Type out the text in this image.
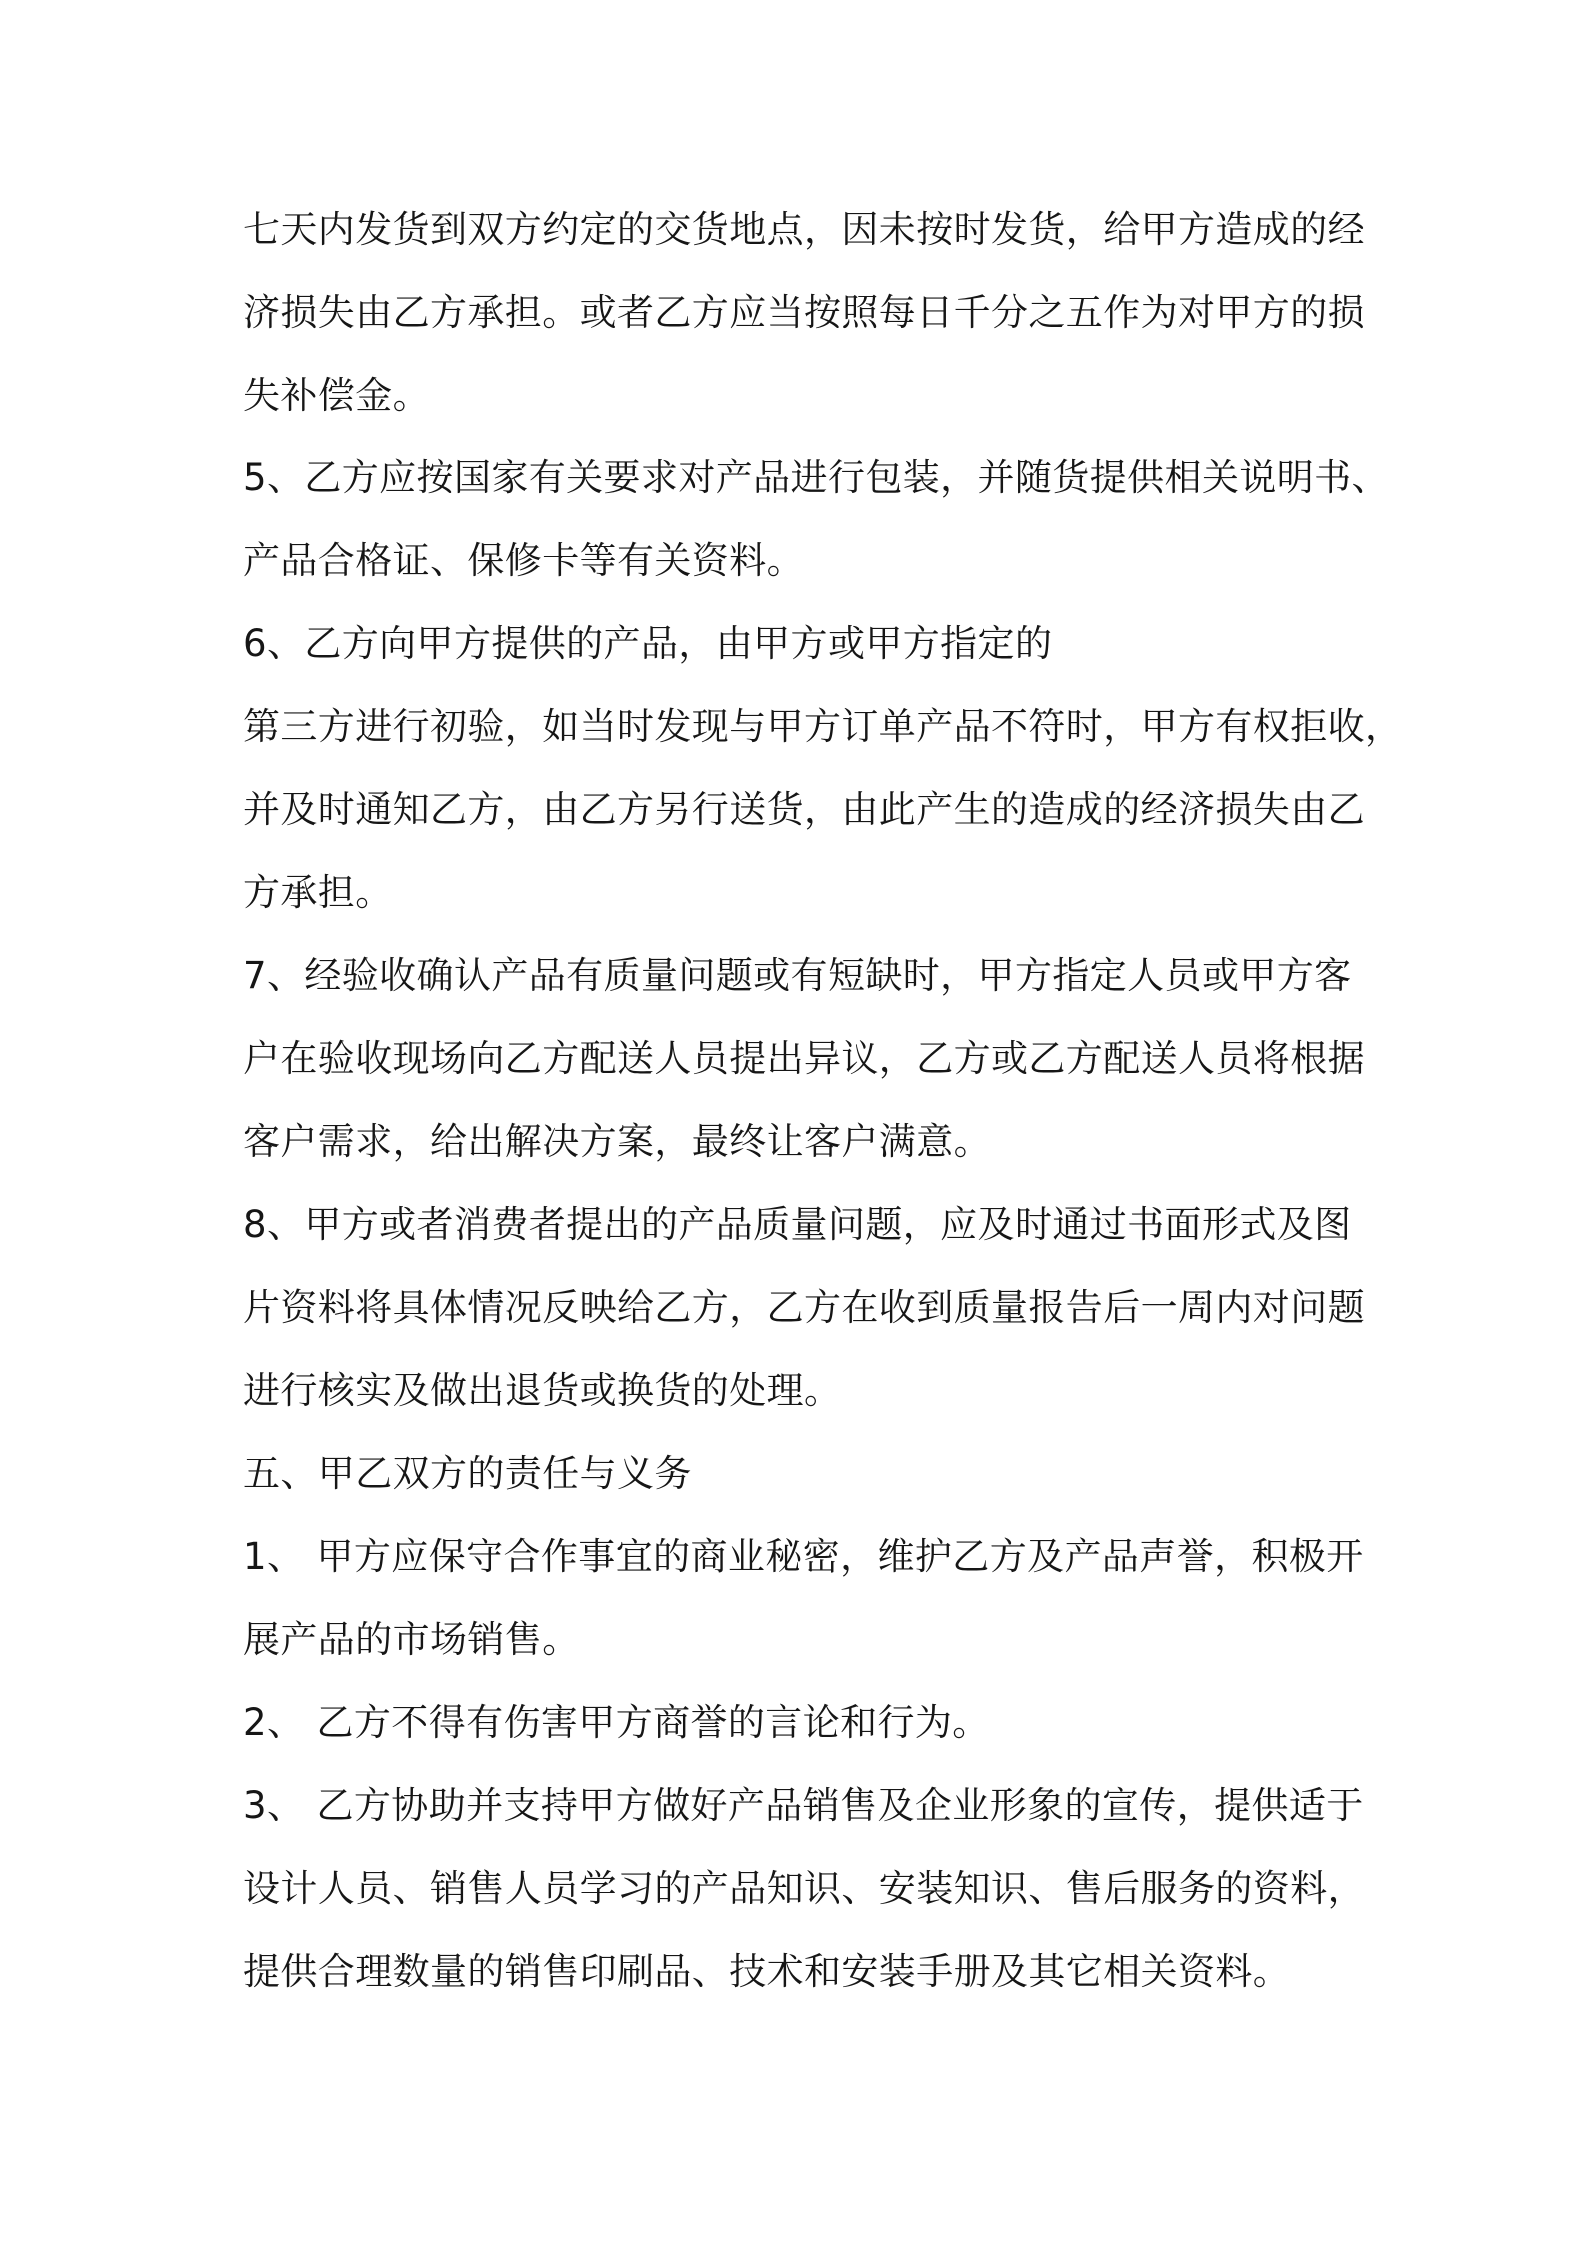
七天内发货到双方约定的交货地点，因未按时发货，给甲方造成的经
济损失由乙方承担。或者乙方应当按照每日千分之五作为对甲方的损
失补偿金。
5、乙方应按国家有关要求对产品进行包装，并随货提供相关说明书、
产品合格证、保修卡等有关资料。
6、乙方向甲方提供的产品，由甲方或甲方指定的
第三方进行初验，如当时发现与甲方订单产品不符时，甲方有权拒收，
并及时通知乙方，由乙方另行送货，由此产生的造成的经济损失由乙
方承担。
7、经验收确认产品有质量问题或有短缺时，甲方指定人员或甲方客
户在验收现场向乙方配送人员提出异议，乙方或乙方配送人员将根据
客户需求，给出解决方案，最终让客户满意。
8、甲方或者消费者提出的产品质量问题，应及时通过书面形式及图
片资料将具体情况反映给乙方，乙方在收到质量报告后一周内对问题
进行核实及做出退货或换货的处理。
五、甲乙双方的责任与义务
1、 甲方应保守合作事宜的商业秘密，维护乙方及产品声誉，积极开
展产品的市场销售。
2、 乙方不得有伤害甲方商誉的言论和行为。
3、 乙方协助并支持甲方做好产品销售及企业形象的宣传，提供适于
设计人员、销售人员学习的产品知识、安装知识、售后服务的资料，
提供合理数量的销售印刷品、技术和安装手册及其它相关资料。
